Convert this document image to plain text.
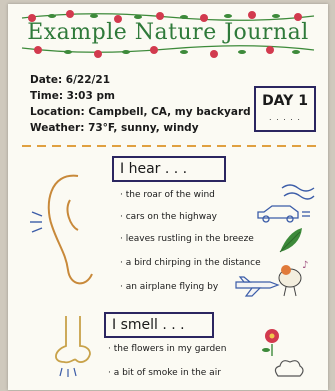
♪
Example Nature Journal
Date: 6/22/21
Time: 3:03 pm
Location: Campbell, CA, my backyard
Weather: 73°F, sunny, windy
DAY 1
. . . . .
I hear . . .
· the roar of the wind
· cars on the highway
· leaves rustling in the breeze
· a bird chirping in the distance
· an airplane flying by
I smell . . .
· the flowers in my garden
· a bit of smoke in the air
